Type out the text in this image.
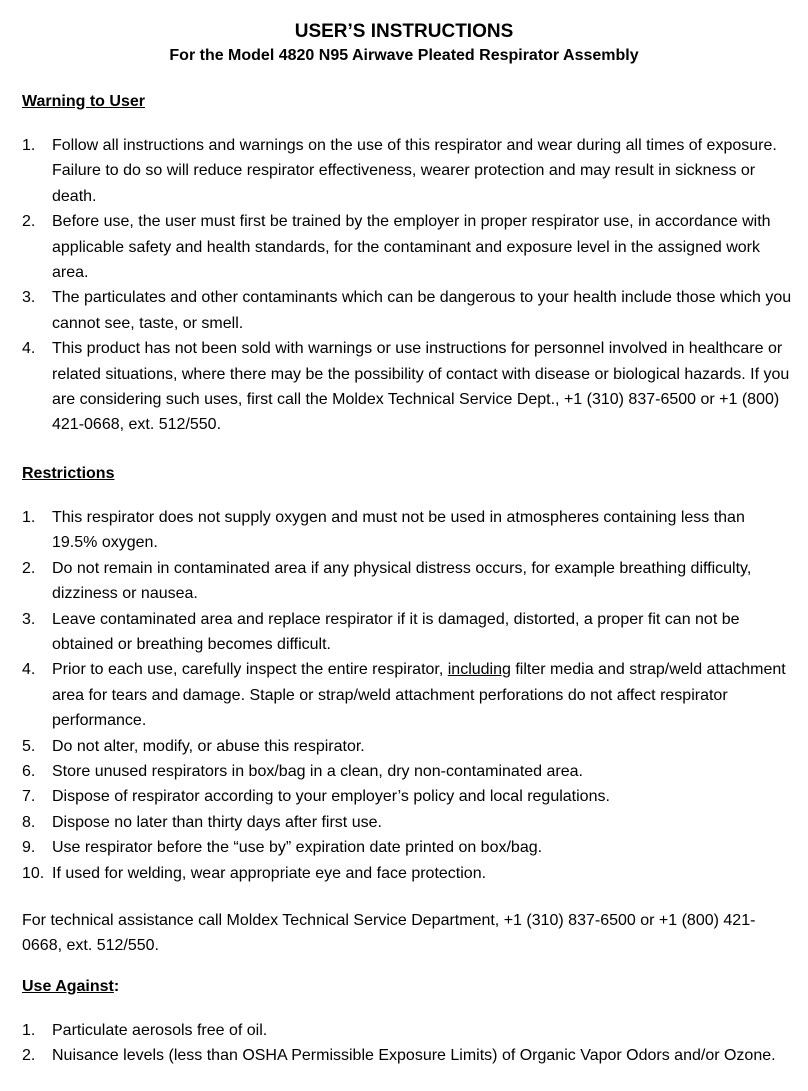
USER’S INSTRUCTIONS
For the Model 4820 N95 Airwave Pleated Respirator Assembly
Warning to User
1. Follow all instructions and warnings on the use of this respirator and wear during all times of exposure. Failure to do so will reduce respirator effectiveness, wearer protection and may result in sickness or death.
2. Before use, the user must first be trained by the employer in proper respirator use, in accordance with applicable safety and health standards, for the contaminant and exposure level in the assigned work area.
3. The particulates and other contaminants which can be dangerous to your health include those which you cannot see, taste, or smell.
4. This product has not been sold with warnings or use instructions for personnel involved in healthcare or related situations, where there may be the possibility of contact with disease or biological hazards. If you are considering such uses, first call the Moldex Technical Service Dept., +1 (310) 837-6500 or +1 (800) 421-0668, ext. 512/550.
Restrictions
1. This respirator does not supply oxygen and must not be used in atmospheres containing less than 19.5% oxygen.
2. Do not remain in contaminated area if any physical distress occurs, for example breathing difficulty, dizziness or nausea.
3. Leave contaminated area and replace respirator if it is damaged, distorted, a proper fit can not be obtained or breathing becomes difficult.
4. Prior to each use, carefully inspect the entire respirator, including filter media and strap/weld attachment area for tears and damage. Staple or strap/weld attachment perforations do not affect respirator performance.
5. Do not alter, modify, or abuse this respirator.
6. Store unused respirators in box/bag in a clean, dry non-contaminated area.
7. Dispose of respirator according to your employer’s policy and local regulations.
8. Dispose no later than thirty days after first use.
9. Use respirator before the “use by” expiration date printed on box/bag.
10. If used for welding, wear appropriate eye and face protection.

For technical assistance call Moldex Technical Service Department, +1 (310) 837-6500 or +1 (800) 421-0668, ext. 512/550.

Use Against:
1. Particulate aerosols free of oil.
2. Nuisance levels (less than OSHA Permissible Exposure Limits) of Organic Vapor Odors and/or Ozone.
